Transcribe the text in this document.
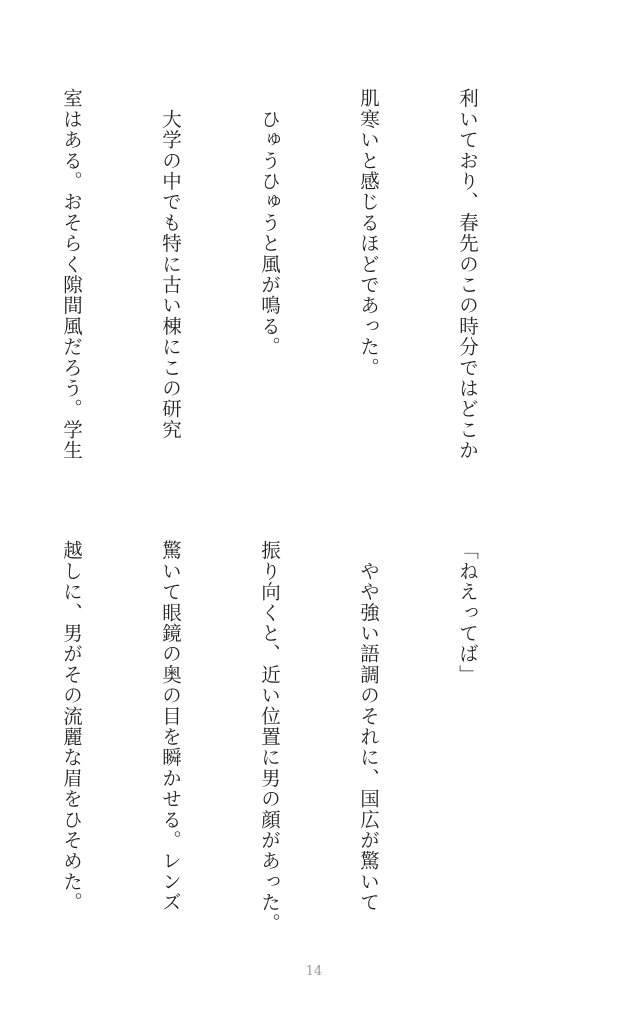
利いており、春先のこの時分ではどこか

肌寒いと感じるほどであった。

　ひゅうひゅうと風が鳴る。

　大学の中でも特に古い棟にこの研究

室はある。おそらく隙間風だろう。学生

「ねえってば」

　やや強い語調のそれに、国広が驚いて

振り向くと、近い位置に男の顔があった。

驚いて眼鏡の奥の目を瞬かせる。レンズ

越しに、男がその流麗な眉をひそめた。

14
